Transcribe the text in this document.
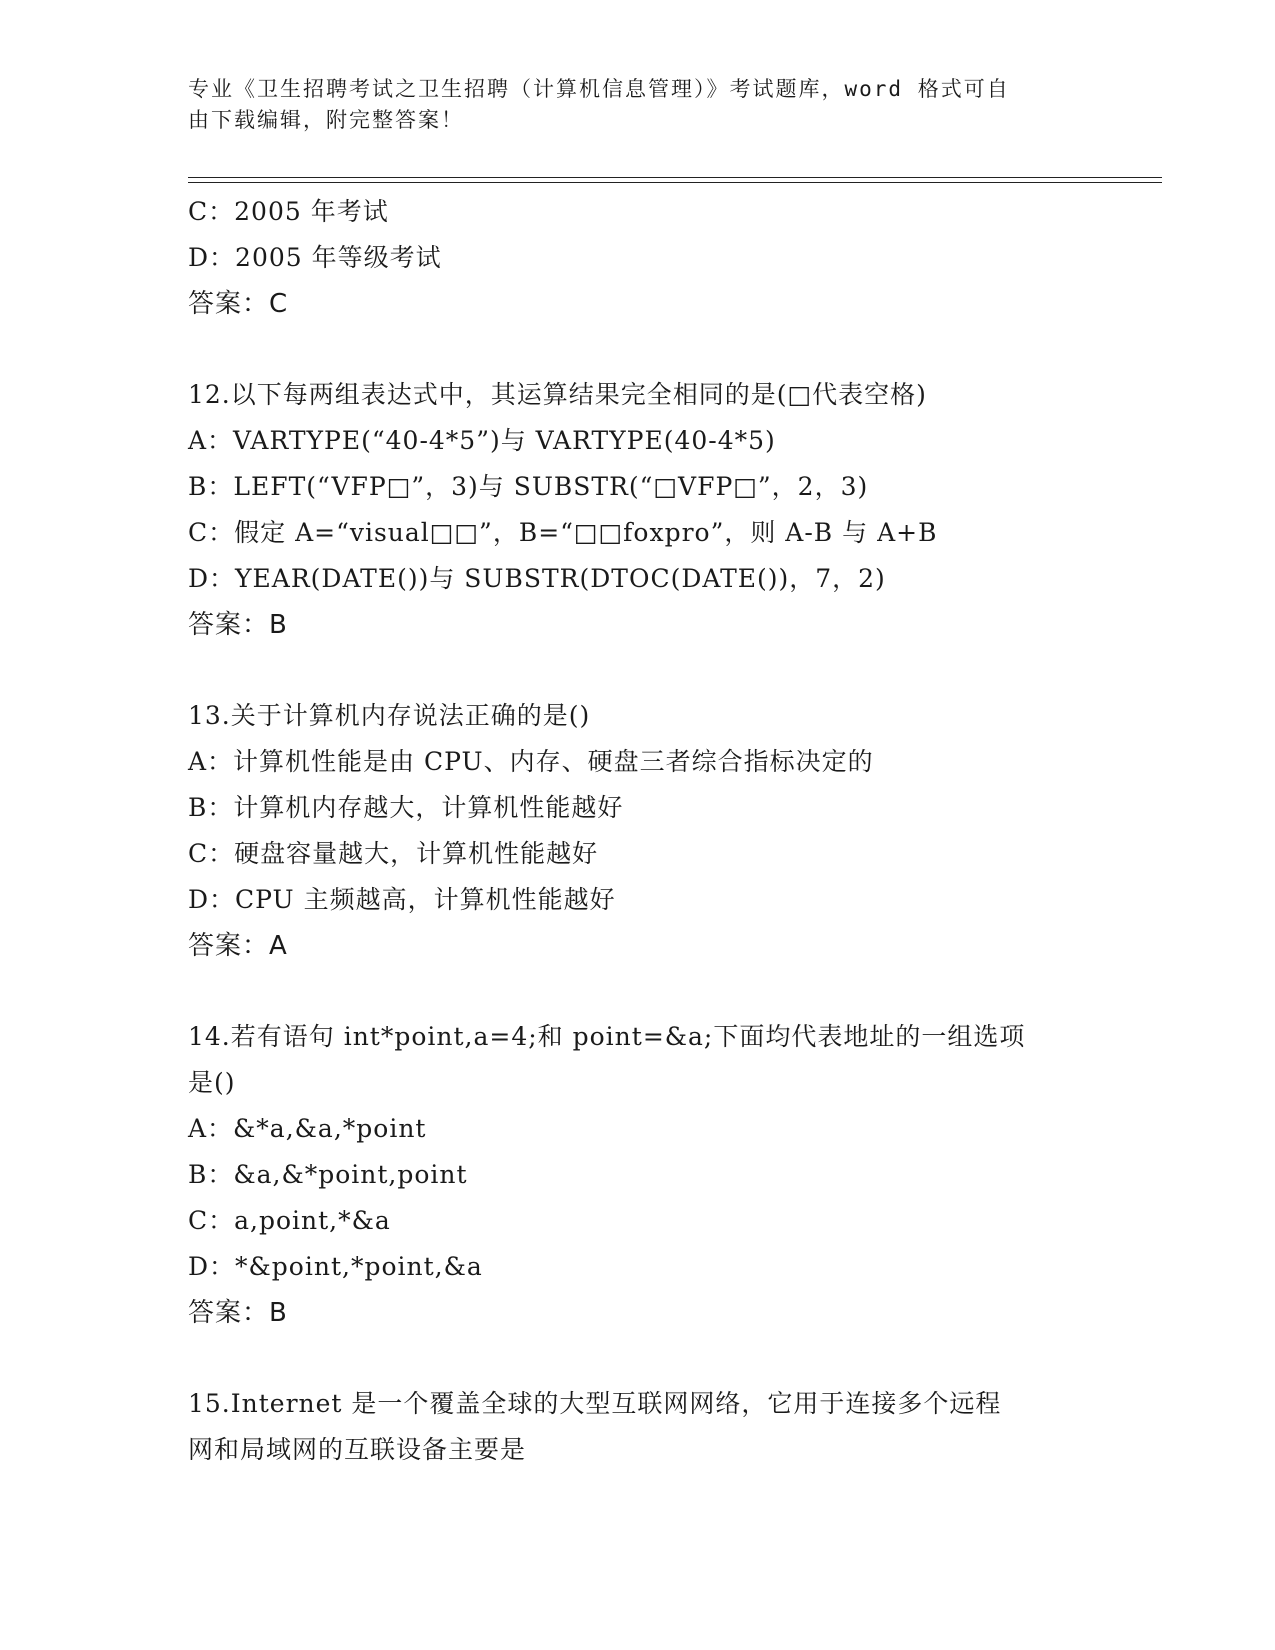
专业《卫生招聘考试之卫生招聘（计算机信息管理）》考试题库，word 格式可自
由下载编辑，附完整答案！
C：2005 年考试
D：2005 年等级考试
答案：C
12.以下每两组表达式中，其运算结果完全相同的是(□代表空格)
A：VARTYPE(“40-4*5”)与 VARTYPE(40-4*5)
B：LEFT(“VFP□”，3)与 SUBSTR(“□VFP□”，2，3)
C：假定 A=“visual□□”，B=“□□foxpro”，则 A-B 与 A+B
D：YEAR(DATE())与 SUBSTR(DTOC(DATE())，7，2)
答案：B
13.关于计算机内存说法正确的是()
A：计算机性能是由 CPU、内存、硬盘三者综合指标决定的
B：计算机内存越大，计算机性能越好
C：硬盘容量越大，计算机性能越好
D：CPU 主频越高，计算机性能越好
答案：A
14.若有语句 int*point,a=4;和 point=&a;下面均代表地址的一组选项
是()
A：&*a,&a,*point
B：&a,&*point,point
C：a,point,*&a
D：*&point,*point,&a
答案：B
15.Internet 是一个覆盖全球的大型互联网网络，它用于连接多个远程
网和局域网的互联设备主要是
